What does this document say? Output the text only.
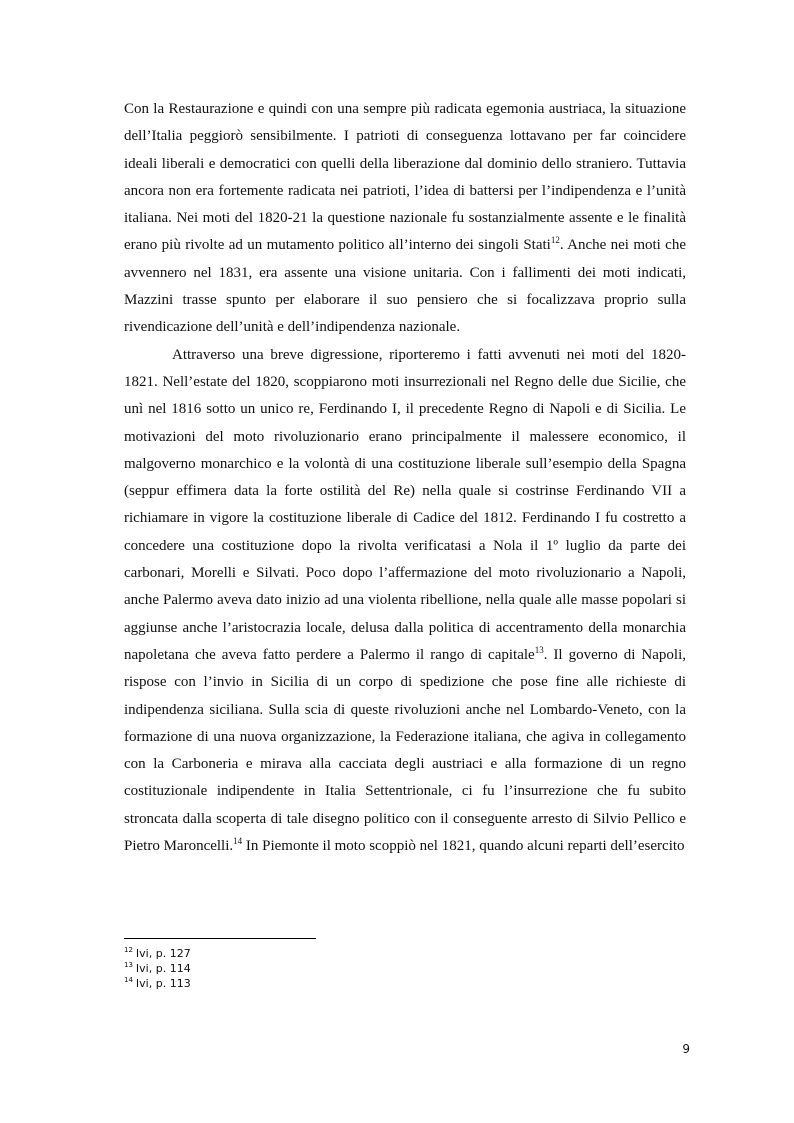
Con la Restaurazione e quindi con una sempre più radicata egemonia austriaca, la situazione dell’Italia peggiorò sensibilmente. I patrioti di conseguenza lottavano per far coincidere ideali liberali e democratici con quelli della liberazione dal dominio dello straniero. Tuttavia ancora non era fortemente radicata nei patrioti, l’idea di battersi per l’indipendenza e l’unità italiana. Nei moti del 1820-21 la questione nazionale fu sostanzialmente assente e le finalità erano più rivolte ad un mutamento politico all’interno dei singoli Stati$^{12}$. Anche nei moti che avvennero nel 1831, era assente una visione unitaria. Con i fallimenti dei moti indicati, Mazzini trasse spunto per elaborare il suo pensiero che si focalizzava proprio sulla rivendicazione dell’unità e dell’indipendenza nazionale.

Attraverso una breve digressione, riporteremo i fatti avvenuti nei moti del 1820-1821. Nell’estate del 1820, scoppiarono moti insurrezionali nel Regno delle due Sicilie, che unì nel 1816 sotto un unico re, Ferdinando I, il precedente Regno di Napoli e di Sicilia. Le motivazioni del moto rivoluzionario erano principalmente il malessere economico, il malgoverno monarchico e la volontà di una costituzione liberale sull’esempio della Spagna (seppur effimera data la forte ostilità del Re) nella quale si costrinse Ferdinando VII a richiamare in vigore la costituzione liberale di Cadice del 1812. Ferdinando I fu costretto a concedere una costituzione dopo la rivolta verificatasi a Nola il 1º luglio da parte dei carbonari, Morelli e Silvati. Poco dopo l’affermazione del moto rivoluzionario a Napoli, anche Palermo aveva dato inizio ad una violenta ribellione, nella quale alle masse popolari si aggiunse anche l’aristocrazia locale, delusa dalla politica di accentramento della monarchia napoletana che aveva fatto perdere a Palermo il rango di capitale$^{13}$. Il governo di Napoli, rispose con l’invio in Sicilia di un corpo di spedizione che pose fine alle richieste di indipendenza siciliana. Sulla scia di queste rivoluzioni anche nel Lombardo-Veneto, con la formazione di una nuova organizzazione, la Federazione italiana, che agiva in collegamento con la Carboneria e mirava alla cacciata degli austriaci e alla formazione di un regno costituzionale indipendente in Italia Settentrionale, ci fu l’insurrezione che fu subito stroncata dalla scoperta di tale disegno politico con il conseguente arresto di Silvio Pellico e Pietro Maroncelli.$^{14}$ In Piemonte il moto scoppiò nel 1821, quando alcuni reparti dell’esercito

$^{12}$ Ivi, p. 127
$^{13}$ Ivi, p. 114
$^{14}$ Ivi, p. 113
9
